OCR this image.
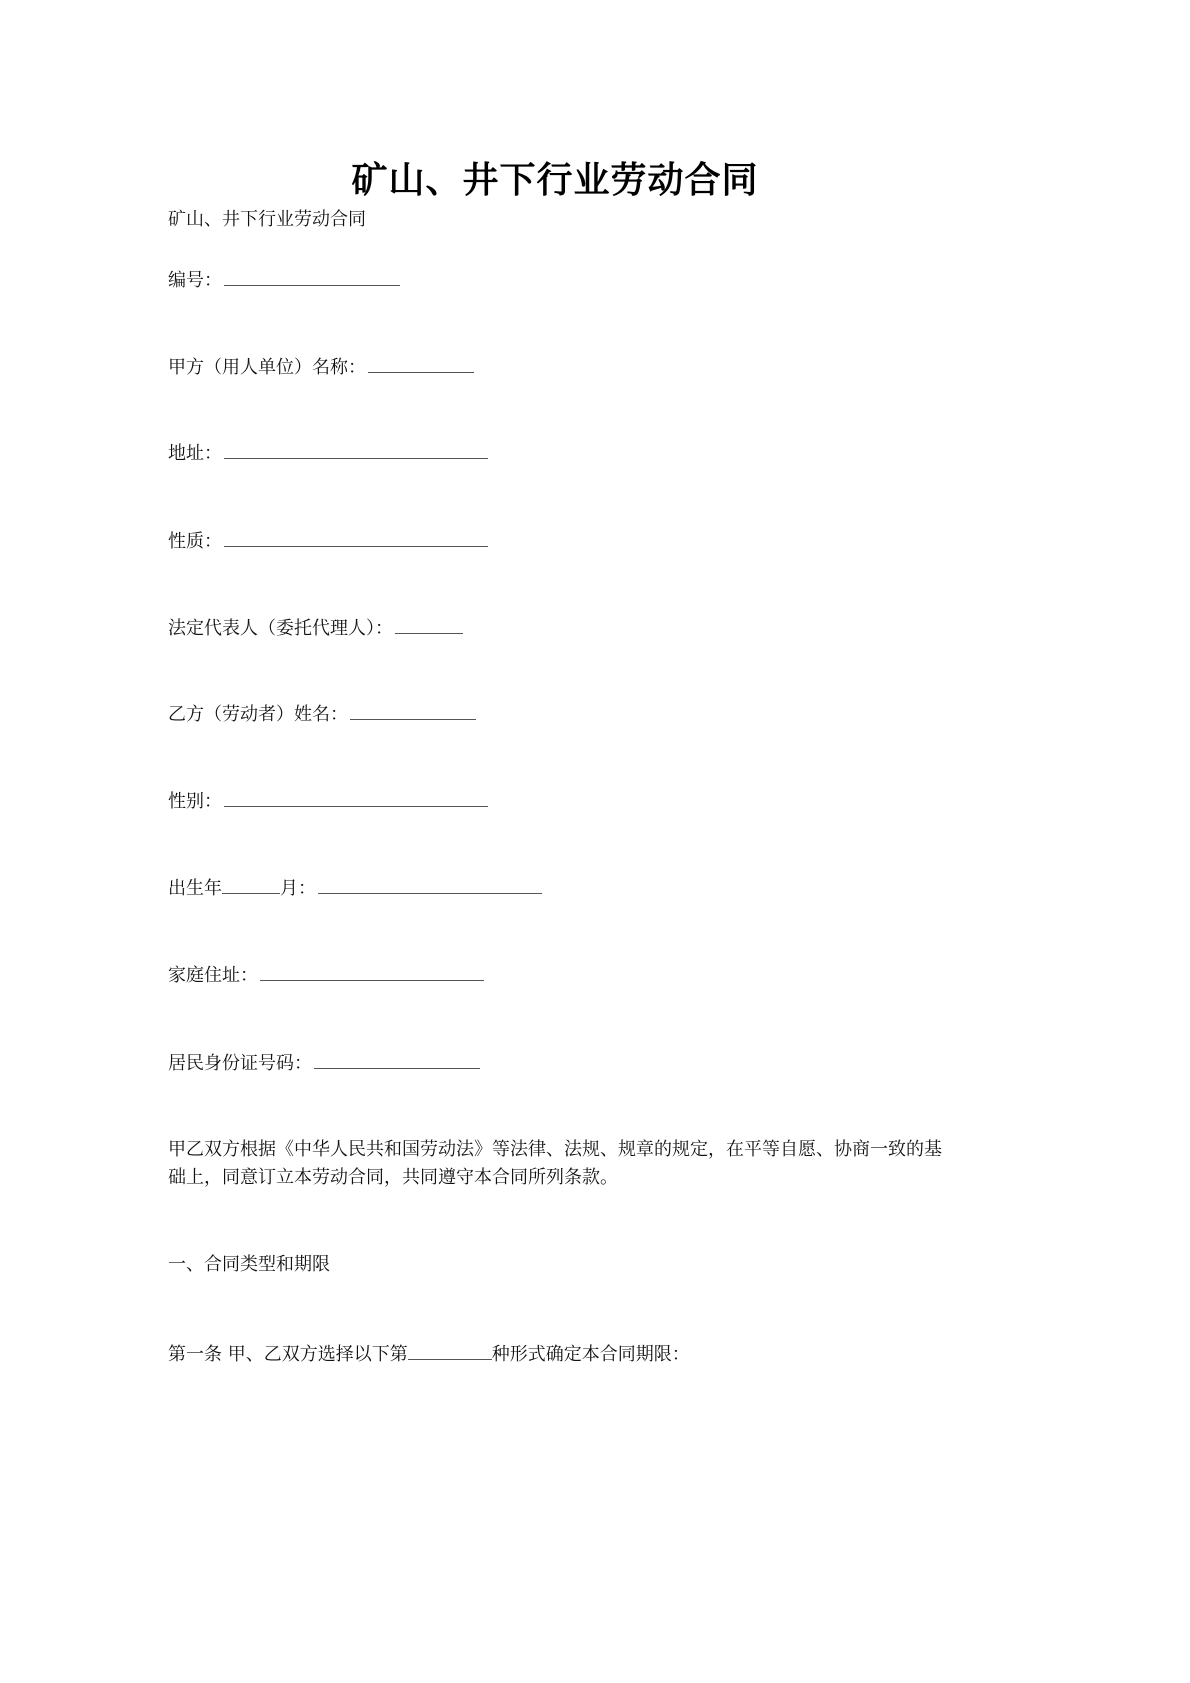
矿山、井下行业劳动合同
矿山、井下行业劳动合同
编号：
甲方（用人单位）名称：
地址：
性质：
法定代表人（委托代理人）：
乙方（劳动者）姓名：
性别：
出生年	月：
家庭住址：
居民身份证号码：
甲乙双方根据《中华人民共和国劳动法》等法律、法规、规章的规定，在平等自愿、协商一致的基础上，同意订立本劳动合同，共同遵守本合同所列条款。
一、合同类型和期限
第一条 甲、乙双方选择以下第	种形式确定本合同期限：
